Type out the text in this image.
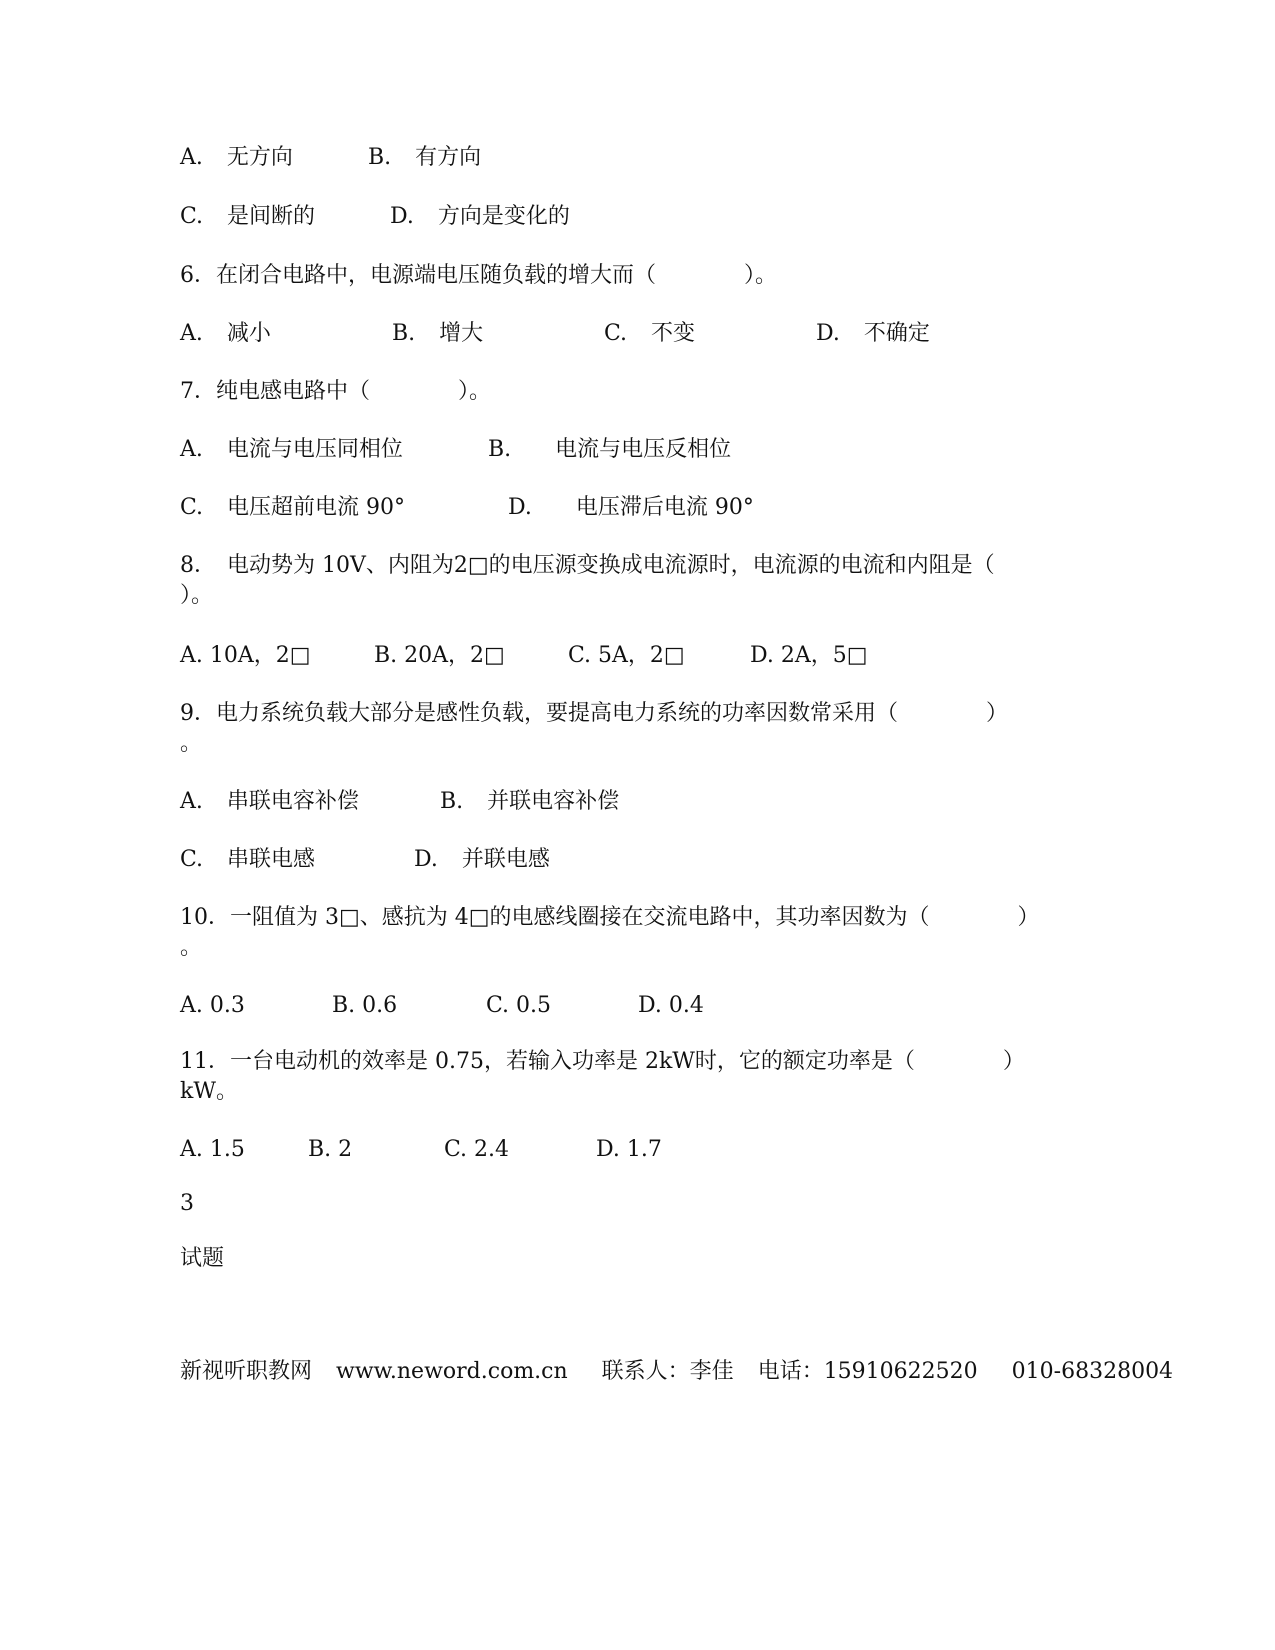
A. 无方向	B. 有方向
C. 是间断的	D. 方向是变化的
6．在闭合电路中，电源端电压随负载的增大而（　　　　）。
A. 减小	B. 增大	C. 不变	D. 不确定
7．纯电感电路中（　　　　）。
A. 电流与电压同相位	B. 电流与电压反相位
C. 电压超前电流 90°	D. 电压滞后电流 90°
8．　电动势为 10V、内阻为2□的电压源变换成电流源时，电流源的电流和内阻是（
）。
A. 10A，2□	B. 20A，2□	C. 5A，2□	D. 2A，5□
9．电力系统负载大部分是感性负载，要提高电力系统的功率因数常采用（　　　　）
。
A. 串联电容补偿	B. 并联电容补偿
C. 串联电感	D. 并联电感
10．一阻值为 3□、感抗为 4□的电感线圈接在交流电路中，其功率因数为（　　　　）
。
A. 0.3	B. 0.6	C. 0.5	D. 0.4
11．一台电动机的效率是 0.75，若输入功率是 2kW时，它的额定功率是（　　　　）
kW。
A. 1.5	B. 2	C. 2.4	D. 1.7
3
试题
新视听职教网 www.neword.com.cn 联系人：李佳 电话：15910622520 010-68328004
